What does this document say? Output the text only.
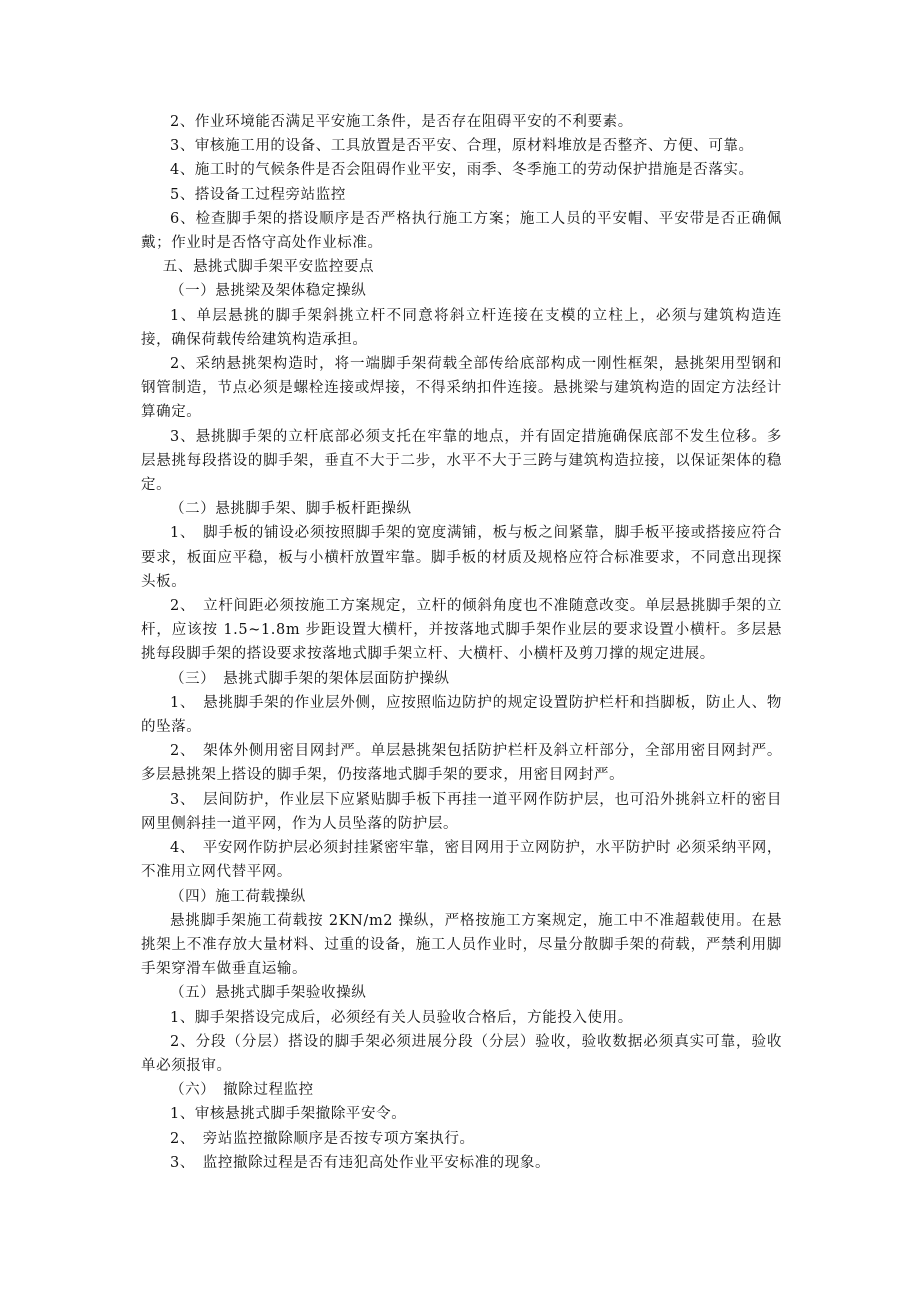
2、作业环境能否满足平安施工条件，是否存在阻碍平安的不利要素。

3、审核施工用的设备、工具放置是否平安、合理，原材料堆放是否整齐、方便、可靠。

4、施工时的气候条件是否会阻碍作业平安，雨季、冬季施工的劳动保护措施是否落实。

5、搭设备工过程旁站监控

6、检查脚手架的搭设顺序是否严格执行施工方案；施工人员的平安帽、平安带是否正确佩戴；作业时是否恪守高处作业标准。

五、悬挑式脚手架平安监控要点

（一）悬挑梁及架体稳定操纵

1、单层悬挑的脚手架斜挑立杆不同意将斜立杆连接在支模的立柱上，必须与建筑构造连接，确保荷载传给建筑构造承担。

2、采纳悬挑架构造时，将一端脚手架荷载全部传给底部构成一刚性框架，悬挑架用型钢和钢管制造，节点必须是螺栓连接或焊接，不得采纳扣件连接。悬挑梁与建筑构造的固定方法经计算确定。

3、悬挑脚手架的立杆底部必须支托在牢靠的地点，并有固定措施确保底部不发生位移。多层悬挑每段搭设的脚手架，垂直不大于二步，水平不大于三跨与建筑构造拉接，以保证架体的稳定。

（二）悬挑脚手架、脚手板杆距操纵

1、　脚手板的铺设必须按照脚手架的宽度满铺，板与板之间紧靠，脚手板平接或搭接应符合要求，板面应平稳，板与小横杆放置牢靠。脚手板的材质及规格应符合标准要求，不同意出现探头板。

2、　立杆间距必须按施工方案规定，立杆的倾斜角度也不准随意改变。单层悬挑脚手架的立杆，应该按 1.5~1.8m 步距设置大横杆，并按落地式脚手架作业层的要求设置小横杆。多层悬挑每段脚手架的搭设要求按落地式脚手架立杆、大横杆、小横杆及剪刀撑的规定进展。

（三）　悬挑式脚手架的架体层面防护操纵

1、　悬挑脚手架的作业层外侧，应按照临边防护的规定设置防护栏杆和挡脚板，防止人、物的坠落。

2、　架体外侧用密目网封严。单层悬挑架包括防护栏杆及斜立杆部分，全部用密目网封严。多层悬挑架上搭设的脚手架，仍按落地式脚手架的要求，用密目网封严。

3、　层间防护，作业层下应紧贴脚手板下再挂一道平网作防护层，也可沿外挑斜立杆的密目网里侧斜挂一道平网，作为人员坠落的防护层。

4、　平安网作防护层必须封挂紧密牢靠，密目网用于立网防护，水平防护时 必须采纳平网，不准用立网代替平网。

（四）施工荷载操纵

悬挑脚手架施工荷载按 2KN/m2 操纵，严格按施工方案规定，施工中不准超载使用。在悬挑架上不准存放大量材料、过重的设备，施工人员作业时，尽量分散脚手架的荷载，严禁利用脚手架穿滑车做垂直运输。

（五）悬挑式脚手架验收操纵

1、脚手架搭设完成后，必须经有关人员验收合格后，方能投入使用。

2、分段（分层）搭设的脚手架必须进展分段（分层）验收，验收数据必须真实可靠，验收单必须报审。

（六）　撤除过程监控

1、审核悬挑式脚手架撤除平安令。

2、　旁站监控撤除顺序是否按专项方案执行。

3、　监控撤除过程是否有违犯高处作业平安标准的现象。
